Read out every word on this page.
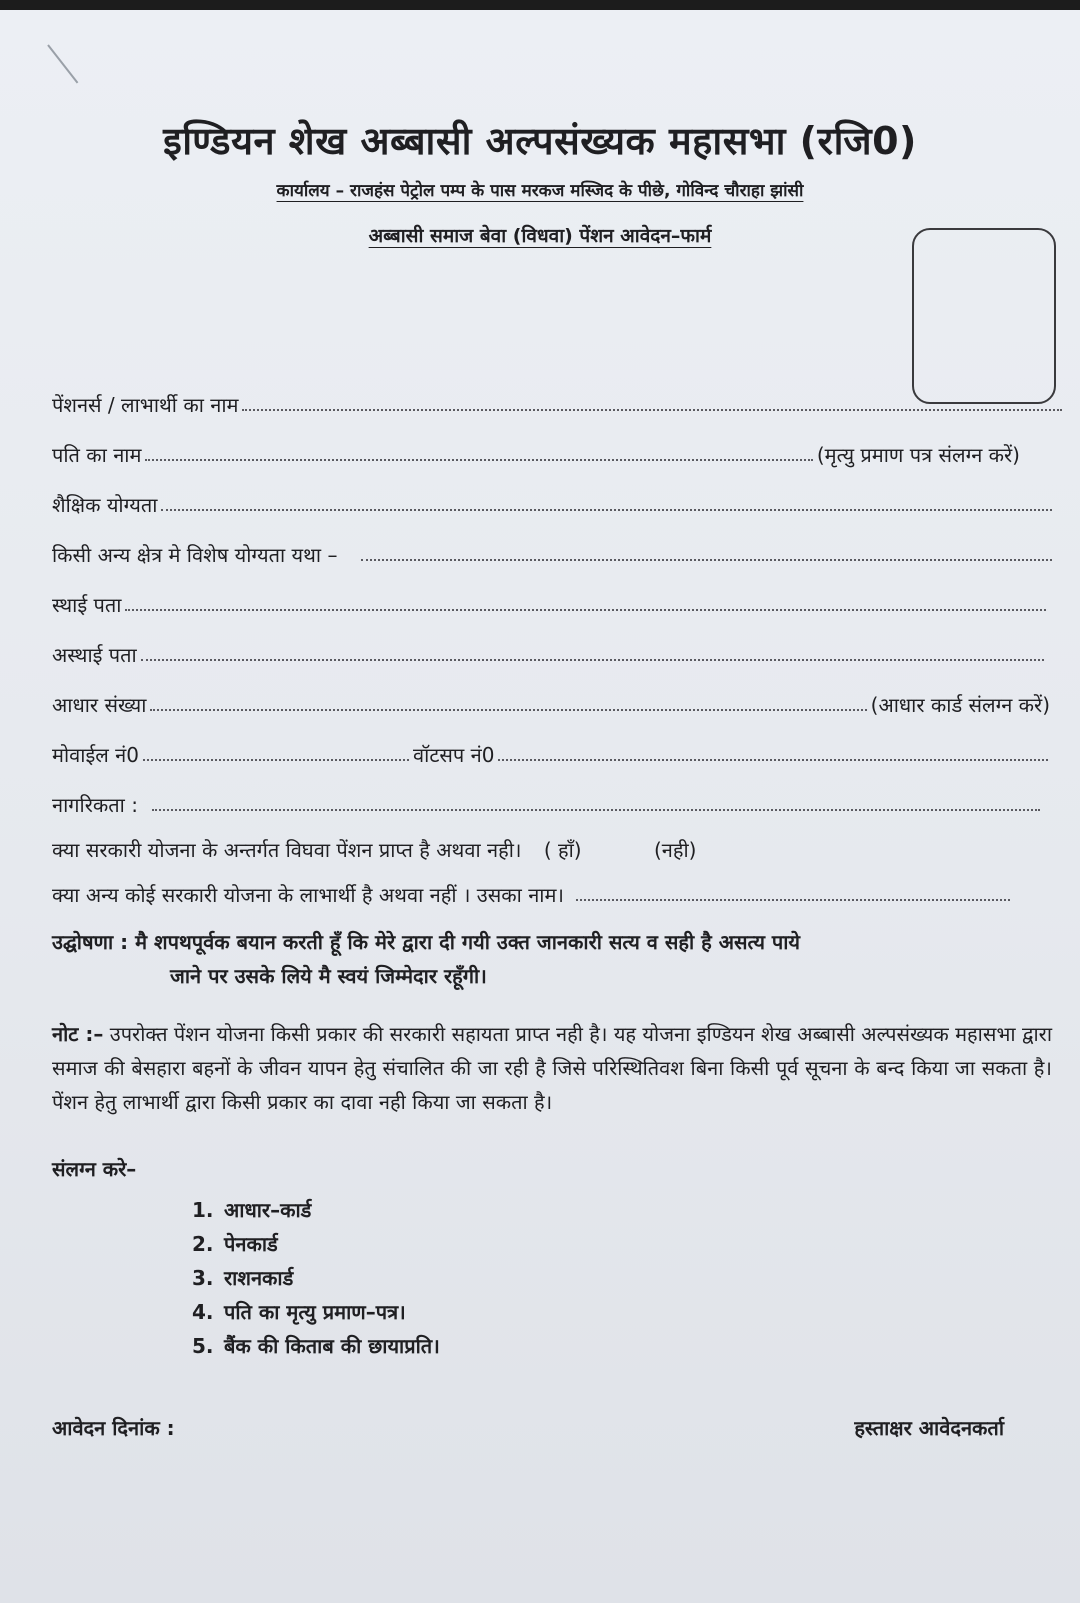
इण्डियन शेख अब्बासी अल्पसंख्यक महासभा (रजि0)
कार्यालय – राजहंस पेट्रोल पम्प के पास मरकज मस्जिद के पीछे, गोविन्द चौराहा झांसी
अब्बासी समाज बेवा (विधवा) पेंशन आवेदन–फार्म
पेंशनर्स / लाभार्थी का नाम
पति का नाम	(मृत्यु प्रमाण पत्र संलग्न करें)
शैक्षिक योग्यता
किसी अन्य क्षेत्र मे विशेष योग्यता यथा –
स्थाई पता
अस्थाई पता
आधार संख्या	(आधार कार्ड संलग्न करें)
मोवाईल नं0	वॉटसप नं0
नागरिकता :
क्या सरकारी योजना के अन्तर्गत विघवा पेंशन प्राप्त है अथवा नही। ( हाँ)	(नही)
क्या अन्य कोई सरकारी योजना के लाभार्थी है अथवा नहीं । उसका नाम।
उद्घोषणा : मै शपथपूर्वक बयान करती हूँ कि मेरे द्वारा दी गयी उक्त जानकारी सत्य व सही है असत्य पाये
जाने पर उसके लिये मै स्वयं जिम्मेदार रहूँगी।
नोट :– उपरोक्त पेंशन योजना किसी प्रकार की सरकारी सहायता प्राप्त नही है। यह योजना इण्डियन शेख अब्बासी अल्पसंख्यक महासभा द्वारा समाज की बेसहारा बहनों के जीवन यापन हेतु संचालित की जा रही है जिसे परिस्थितिवश बिना किसी पूर्व सूचना के बन्द किया जा सकता है। पेंशन हेतु लाभार्थी द्वारा किसी प्रकार का दावा नही किया जा सकता है।
संलग्न करे–
1. आधार–कार्ड
2. पेनकार्ड
3. राशनकार्ड
4. पति का मृत्यु प्रमाण–पत्र।
5. बैंक की किताब की छायाप्रति।
आवेदन दिनांक :	हस्ताक्षर आवेदनकर्ता
